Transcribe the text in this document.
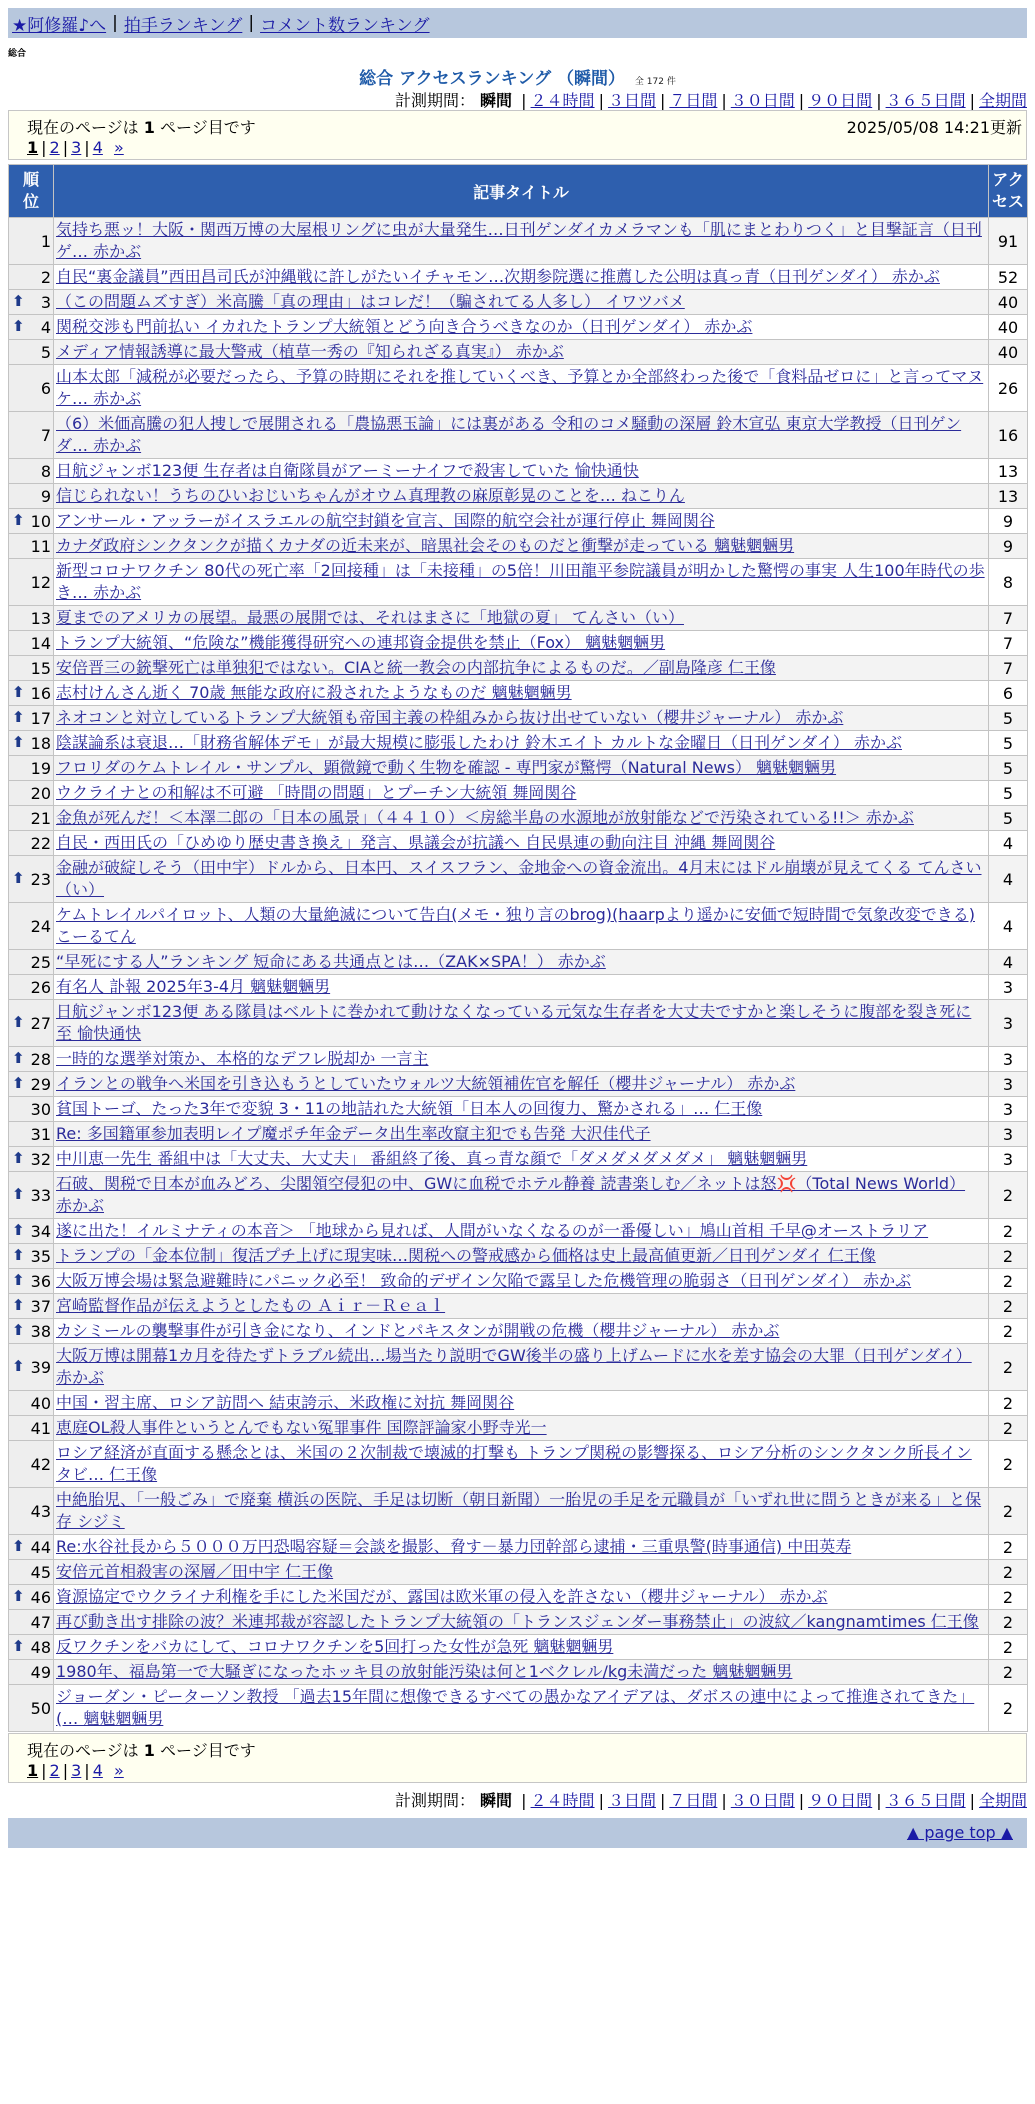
★阿修羅♪へ | 拍手ランキング | コメント数ランキング
総合
総合 アクセスランキング （瞬間） 全 172 件
計測期間： 瞬間 | ２４時間 | ３日間 | ７日間 | ３０日間 | ９０日間 | ３６５日間 | 全期間
現在のページは 1 ページ目です	2025/05/08 14:21更新
1 | 2 | 3 | 4 »
順位	記事タイトル	アクセス
1	気持ち悪ッ！大阪・関西万博の大屋根リングに虫が大量発生…日刊ゲンダイカメラマンも「肌にまとわりつく」と目撃証言（日刊ゲ… 赤かぶ	91
2	自民“裏金議員”西田昌司氏が沖縄戦に許しがたいイチャモン…次期参院選に推薦した公明は真っ青（日刊ゲンダイ） 赤かぶ	52

⬆ 3	（この問題ムズすぎ）米高騰「真の理由」はコレだ！（騙されてる人多し） イワツバメ	40

⬆ 4	関税交渉も門前払い イカれたトランプ大統領とどう向き合うべきなのか（日刊ゲンダイ） 赤かぶ	40
5	メディア情報誘導に最大警戒（植草一秀の『知られざる真実』） 赤かぶ	40
6	山本太郎「減税が必要だったら、予算の時期にそれを推していくべき、予算とか全部終わった後で「食料品ゼロに」と言ってマヌケ… 赤かぶ	26
7	（6）米価高騰の犯人捜しで展開される「農協悪玉論」には裏がある 令和のコメ騒動の深層 鈴木宣弘 東京大学教授（日刊ゲンダ… 赤かぶ	16
8	日航ジャンボ123便 生存者は自衛隊員がアーミーナイフで殺害していた 愉快通快	13
9	信じられない！うちのひいおじいちゃんがオウム真理教の麻原彰晃のことを… ねこりん	13

⬆ 10	アンサール・アッラーがイスラエルの航空封鎖を宣言、国際的航空会社が運行停止 舞岡関谷	9
11	カナダ政府シンクタンクが描くカナダの近未来が、暗黒社会そのものだと衝撃が走っている 魑魅魍魎男	9
12	新型コロナワクチン 80代の死亡率「2回接種」は「未接種」の5倍！川田龍平参院議員が明かした驚愕の事実 人生100年時代の歩き… 赤かぶ	8
13	夏までのアメリカの展望。最悪の展開では、それはまさに「地獄の夏」 てんさい（い）	7
14	トランプ大統領、“危険な”機能獲得研究への連邦資金提供を禁止（Fox） 魑魅魍魎男	7
15	安倍晋三の銃撃死亡は単独犯ではない。CIAと統一教会の内部抗争によるものだ。／副島隆彦 仁王像	7

⬆ 16	志村けんさん逝く 70歳 無能な政府に殺されたようなものだ 魑魅魍魎男	6

⬆ 17	ネオコンと対立しているトランプ大統領も帝国主義の枠組みから抜け出せていない（櫻井ジャーナル） 赤かぶ	5

⬆ 18	陰謀論系は衰退…「財務省解体デモ」が最大規模に膨張したわけ 鈴木エイト カルトな金曜日（日刊ゲンダイ） 赤かぶ	5
19	フロリダのケムトレイル・サンプル、顕微鏡で動く生物を確認 - 専門家が驚愕（Natural News） 魑魅魍魎男	5
20	ウクライナとの和解は不可避 「時間の問題」とプーチン大統領 舞岡関谷	5
21	金魚が死んだ！＜本澤二郎の「日本の風景」（４４１０）＜房総半島の水源地が放射能などで汚染されている!!＞ 赤かぶ	5
22	自民・西田氏の「ひめゆり歴史書き換え」発言、県議会が抗議へ 自民県連の動向注目 沖縄 舞岡関谷	4

⬆ 23	金融が破綻しそう（田中宇）ドルから、日本円、スイスフラン、金地金への資金流出。4月末にはドル崩壊が見えてくる てんさい（い）	4
24	ケムトレイルパイロット、人類の大量絶滅について告白(メモ・独り言のbrog)(haarpより遥かに安価で短時間で気象改変できる) こーるてん	4
25	“早死にする人”ランキング 短命にある共通点とは…（ZAK×SPA！） 赤かぶ	4
26	有名人 訃報 2025年3-4月 魑魅魍魎男	3

⬆ 27	日航ジャンボ123便 ある隊員はベルトに巻かれて動けなくなっている元気な生存者を大丈夫ですかと楽しそうに腹部を裂き死に至 愉快通快	3

⬆ 28	一時的な選挙対策か、本格的なデフレ脱却か 一言主	3

⬆ 29	イランとの戦争へ米国を引き込もうとしていたウォルツ大統領補佐官を解任（櫻井ジャーナル） 赤かぶ	3
30	貧国トーゴ、たった3年で変貌 3・11の地詰れた大統領「日本人の回復力、驚かされる」… 仁王像	3
31	Re: 多国籍軍参加表明レイプ魔ポチ年金データ出生率改竄主犯でも告発 大沢佳代子	3

⬆ 32	中川恵一先生 番組中は「大丈夫、大丈夫」 番組終了後、真っ青な顔で「ダメダメダメダメ」 魑魅魍魎男	3

⬆ 33	石破、関税で日本が血みどろ、尖閣領空侵犯の中、GWに血税でホテル静養 読書楽しむ／ネットは怒💢（Total News World） 赤かぶ	2

⬆ 34	遂に出た！イルミナティの本音＞ 「地球から見れば、人間がいなくなるのが一番優しい」鳩山首相 千早@オーストラリア	2

⬆ 35	トランプの「金本位制」復活プチ上げに現実味…関税への警戒感から価格は史上最高値更新／日刊ゲンダイ 仁王像	2

⬆ 36	大阪万博会場は緊急避難時にパニック必至！ 致命的デザイン欠陥で露呈した危機管理の脆弱さ（日刊ゲンダイ） 赤かぶ	2

⬆ 37	宮崎監督作品が伝えようとしたもの Ａｉｒ－Ｒｅａｌ	2

⬆ 38	カシミールの襲撃事件が引き金になり、インドとパキスタンが開戦の危機（櫻井ジャーナル） 赤かぶ	2

⬆ 39	大阪万博は開幕1カ月を待たずトラブル続出…場当たり説明でGW後半の盛り上げムードに水を差す協会の大罪（日刊ゲンダイ） 赤かぶ	2
40	中国・習主席、ロシア訪問へ 結束誇示、米政権に対抗 舞岡関谷	2
41	恵庭OL殺人事件というとんでもない冤罪事件 国際評論家小野寺光一	2
42	ロシア経済が直面する懸念とは、米国の２次制裁で壊滅的打撃も トランプ関税の影響探る、ロシア分析のシンクタンク所長インタビ… 仁王像	2
43	中絶胎児、「一般ごみ」で廃棄 横浜の医院、手足は切断（朝日新聞）一胎児の手足を元職員が「いずれ世に問うときが来る」と保存 シジミ	2

⬆ 44	Re:水谷社長から５０００万円恐喝容疑＝会談を撮影、脅す－暴力団幹部ら逮捕・三重県警(時事通信) 中田英寿	2
45	安倍元首相殺害の深層／田中宇 仁王像	2

⬆ 46	資源協定でウクライナ利権を手にした米国だが、露国は欧米軍の侵入を許さない（櫻井ジャーナル） 赤かぶ	2
47	再び動き出す排除の波？米連邦裁が容認したトランプ大統領の「トランスジェンダー事務禁止」の波紋／kangnamtimes 仁王像	2

⬆ 48	反ワクチンをバカにして、コロナワクチンを5回打った女性が急死 魑魅魍魎男	2
49	1980年、福島第一で大騒ぎになったホッキ貝の放射能汚染は何と1ベクレル/kg未満だった 魑魅魍魎男	2
50	ジョーダン・ピーターソン教授 「過去15年間に想像できるすべての愚かなアイデアは、ダボスの連中によって推進されてきた」(… 魑魅魍魎男	2
現在のページは 1 ページ目です
1 | 2 | 3 | 4 »
計測期間： 瞬間 | ２４時間 | ３日間 | ７日間 | ３０日間 | ９０日間 | ３６５日間 | 全期間
▲ page top ▲
